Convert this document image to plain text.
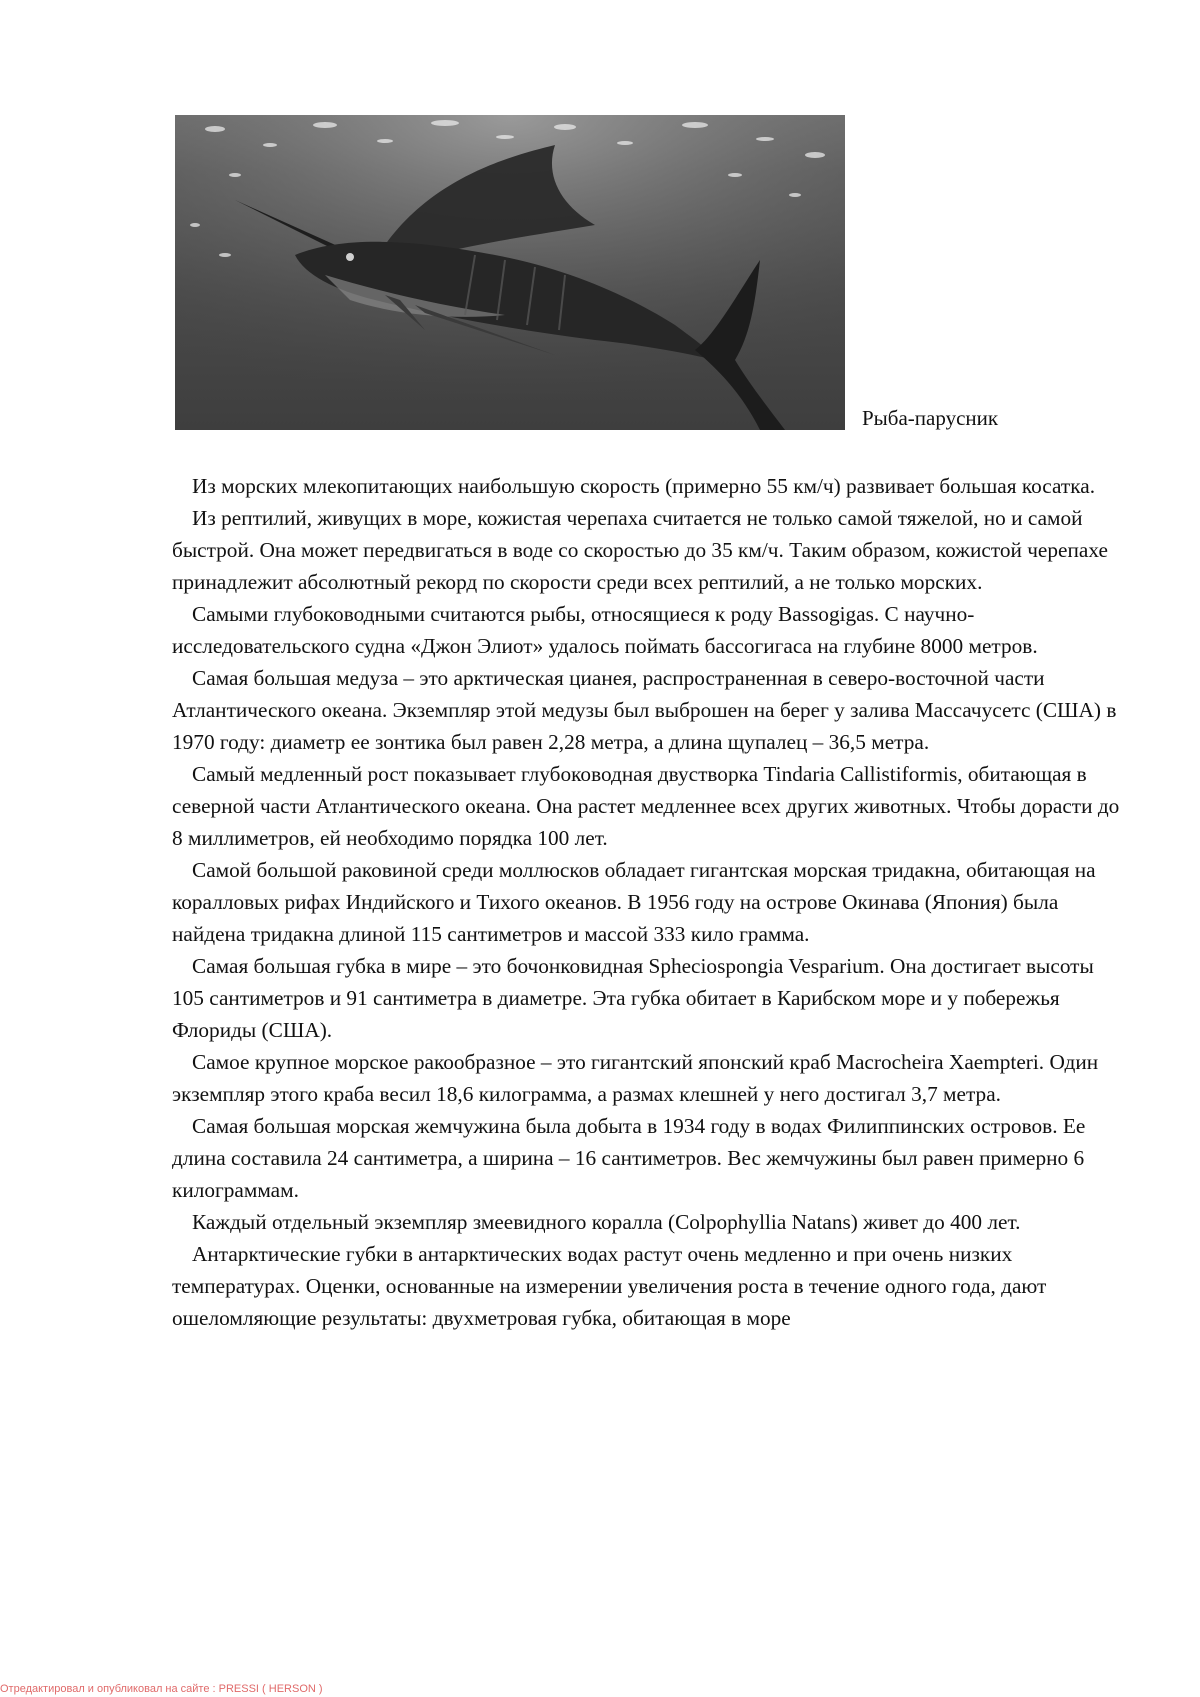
Рыба-парусник

Из морских млекопитающих наибольшую скорость (примерно 55 км/ч) развивает большая косатка.

Из рептилий, живущих в море, кожистая черепаха считается не только самой тяжелой, но и самой быстрой. Она может передвигаться в воде со скоростью до 35 км/ч. Таким образом, кожистой черепахе принадлежит абсолютный рекорд по скорости среди всех рептилий, а не только морских.

Самыми глубоководными считаются рыбы, относящиеся к роду Bassogigas. С научно-исследовательского судна «Джон Элиот» удалось поймать бассогигаса на глубине 8000 метров.

Самая большая медуза – это арктическая цианея, распространенная в северо-восточной части Атлантического океана. Экземпляр этой медузы был выброшен на берег у залива Массачусетс (США) в 1970 году: диаметр ее зонтика был равен 2,28 метра, а длина щупалец – 36,5 метра.

Самый медленный рост показывает глубоководная двустворка Tindaria Callistiformis, обитающая в северной части Атлантического океана. Она растет медленнее всех других животных. Чтобы дорасти до 8 миллиметров, ей необходимо порядка 100 лет.

Самой большой раковиной среди моллюсков обладает гигантская морская тридакна, обитающая на коралловых рифах Индийского и Тихого океанов. В 1956 году на острове Окинава (Япония) была найдена тридакна длиной 115 сантиметров и массой 333 кило грамма.

Самая большая губка в мире – это бочонковидная Spheciospongia Vesparium. Она достигает высоты 105 сантиметров и 91 сантиметра в диаметре. Эта губка обитает в Карибском море и у побережья Флориды (США).

Самое крупное морское ракообразное – это гигантский японский краб Macrocheira Xaempteri. Один экземпляр этого краба весил 18,6 килограмма, а размах клешней у него достигал 3,7 метра.

Самая большая морская жемчужина была добыта в 1934 году в водах Филиппинских островов. Ее длина составила 24 сантиметра, а ширина – 16 сантиметров. Вес жемчужины был равен примерно 6 килограммам.

Каждый отдельный экземпляр змеевидного коралла (Colpophyllia Natans) живет до 400 лет.

Антарктические губки в антарктических водах растут очень медленно и при очень низких температурах. Оценки, основанные на измерении увеличения роста в течение одного года, дают ошеломляющие результаты: двухметровая губка, обитающая в море

Отредактировал и опубликовал на сайте : PRESSI ( HERSON )
